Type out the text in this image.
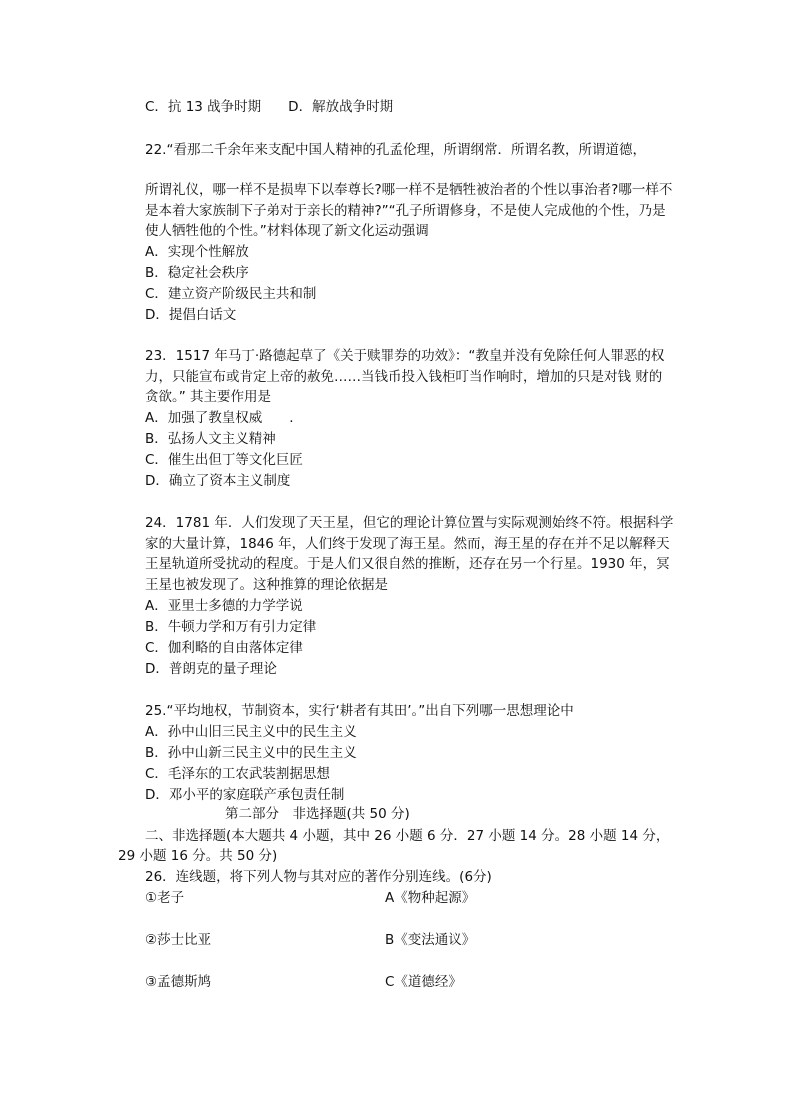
C．抗 13 战争时期　　D．解放战争时期
22.“看那二千余年来支配中国人精神的孔孟伦理，所谓纲常．所谓名教，所谓道德，
所谓礼仪，哪一样不是损卑下以奉尊长?哪一样不是牺牲被治者的个性以事治者?哪一样不是本着大家族制下子弟对于亲长的精神?”“孔子所谓修身，不是使人完成他的个性，乃是使人牺牲他的个性。”材料体现了新文化运动强调
A．实现个性解放
B．稳定社会秩序
C．建立资产阶级民主共和制
D．提倡白话文
23．1517 年马丁·路德起草了《关于赎罪券的功效》：“教皇并没有免除任何人罪恶的权力，只能宣布或肯定上帝的赦免……当钱币投入钱柜叮当作响时，增加的只是对钱 财的贪欲。” 其主要作用是
A．加强了教皇权威　　.
B．弘扬人文主义精神
C．催生出但丁等文化巨匠
D．确立了资本主义制度
24．1781 年．人们发现了天王星，但它的理论计算位置与实际观测始终不符。根据科学家的大量计算，1846 年，人们终于发现了海王星。然而，海王星的存在并不足以解释天王星轨道所受扰动的程度。于是人们又很自然的推断，还存在另一个行星。1930 年，冥王星也被发现了。这种推算的理论依据是
A．亚里士多德的力学学说
B．牛顿力学和万有引力定律
C．伽利略的自由落体定律
D．普朗克的量子理论
25.“平均地权，节制资本，实行‘耕者有其田’。”出自下列哪一思想理论中
A．孙中山旧三民主义中的民生主义
B．孙中山新三民主义中的民生主义
C．毛泽东的工农武装割据思想
D．邓小平的家庭联产承包责任制
第二部分　非选择题(共 50 分)
二、非选择题(本大题共 4 小题，其中 26 小题 6 分．27 小题 14 分。28 小题 14 分，
29 小题 16 分。共 50 分)
26．连线题，将下列人物与其对应的著作分别连线。(6分)
①老子	A《物种起源》
②莎士比亚	B《变法通议》
③孟德斯鸠	C《道德经》
